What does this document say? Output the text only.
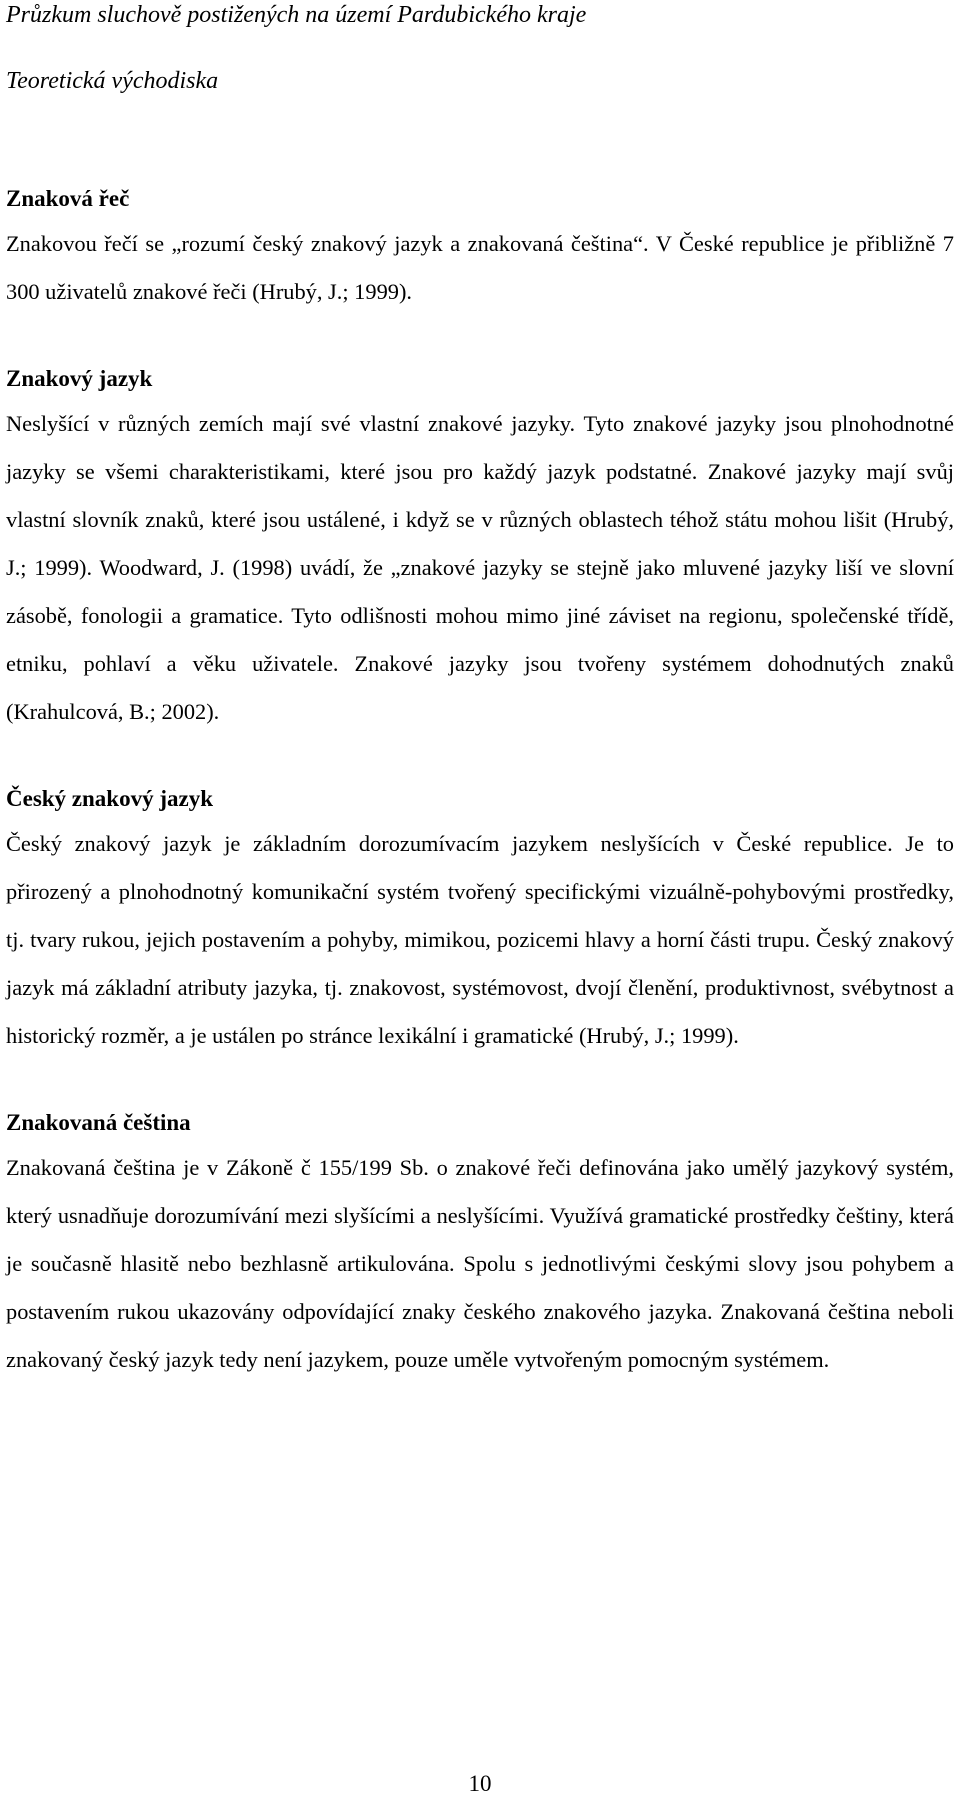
Průzkum sluchově postižených na území Pardubického kraje

Teoretická východiska

Znaková řeč

Znakovou řečí se „rozumí český znakový jazyk a znakovaná čeština“. V České republice je přibližně 7 300 uživatelů znakové řeči (Hrubý, J.; 1999).

Znakový jazyk

Neslyšící v různých zemích mají své vlastní znakové jazyky. Tyto znakové jazyky jsou plnohodnotné jazyky se všemi charakteristikami, které jsou pro každý jazyk podstatné. Znakové jazyky mají svůj vlastní slovník znaků, které jsou ustálené, i když se v různých oblastech téhož státu mohou lišit (Hrubý, J.; 1999). Woodward, J. (1998) uvádí, že „znakové jazyky se stejně jako mluvené jazyky liší ve slovní zásobě, fonologii a gramatice. Tyto odlišnosti mohou mimo jiné záviset na regionu, společenské třídě, etniku, pohlaví a věku uživatele. Znakové jazyky jsou tvořeny systémem dohodnutých znaků (Krahulcová, B.; 2002).

Český znakový jazyk

Český znakový jazyk je základním dorozumívacím jazykem neslyšících v České republice. Je to přirozený a plnohodnotný komunikační systém tvořený specifickými vizuálně-pohybovými prostředky, tj. tvary rukou, jejich postavením a pohyby, mimikou, pozicemi hlavy a horní části trupu. Český znakový jazyk má základní atributy jazyka, tj. znakovost, systémovost, dvojí členění, produktivnost, svébytnost a historický rozměr, a je ustálen po stránce lexikální i gramatické (Hrubý, J.; 1999).

Znakovaná čeština

Znakovaná čeština je v Zákoně č 155/199 Sb. o znakové řeči definována jako umělý jazykový systém, který usnadňuje dorozumívání mezi slyšícími a neslyšícími. Využívá gramatické prostředky češtiny, která je současně hlasitě nebo bezhlasně artikulována. Spolu s jednotlivými českými slovy jsou pohybem a postavením rukou ukazovány odpovídající znaky českého znakového jazyka. Znakovaná čeština neboli znakovaný český jazyk tedy není jazykem, pouze uměle vytvořeným pomocným systémem.

10
